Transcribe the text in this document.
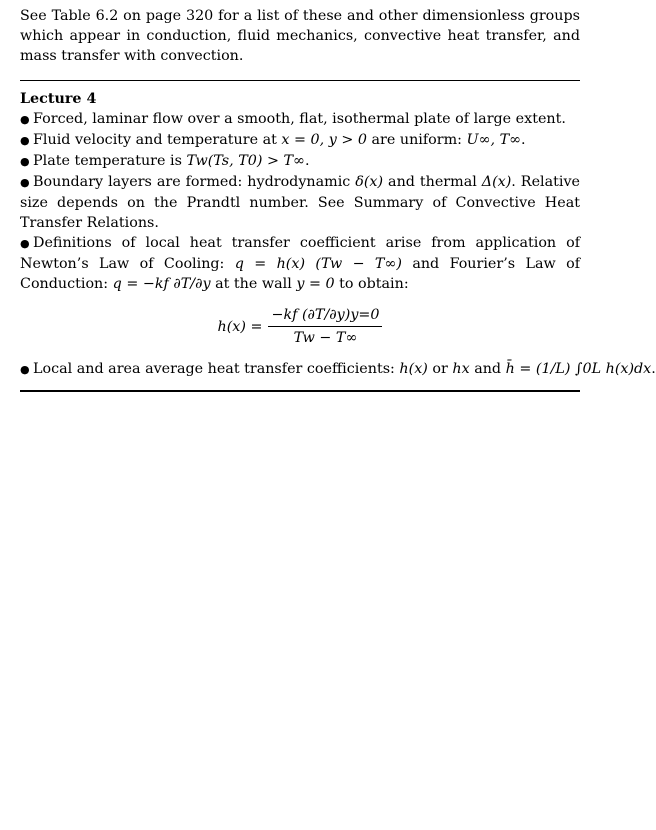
See Table 6.2 on page 320 for a list of these and other dimensionless groups which appear in conduction, fluid mechanics, convective heat transfer, and mass transfer with convection.

Lecture 4

● Forced, laminar flow over a smooth, flat, isothermal plate of large extent.

● Fluid velocity and temperature at x = 0, y > 0 are uniform: U∞, T∞.

● Plate temperature is Tw(Ts, T0) > T∞.

● Boundary layers are formed: hydrodynamic δ(x) and thermal Δ(x). Relative size depends on the Prandtl number. See Summary of Convective Heat Transfer Relations.

● Definitions of local heat transfer coefficient arise from application of Newton’s Law of Cooling: q = h(x) (Tw − T∞) and Fourier’s Law of Conduction: q = −kf ∂T/∂y at the wall y = 0 to obtain:

$h(x) = \frac{-kf (\partial T/\partial y)y=0}{Tw - T\infty}$

● Local and area average heat transfer coefficients: h(x) or hx and h̄ = (1/L) ∫0L h(x)dx.
